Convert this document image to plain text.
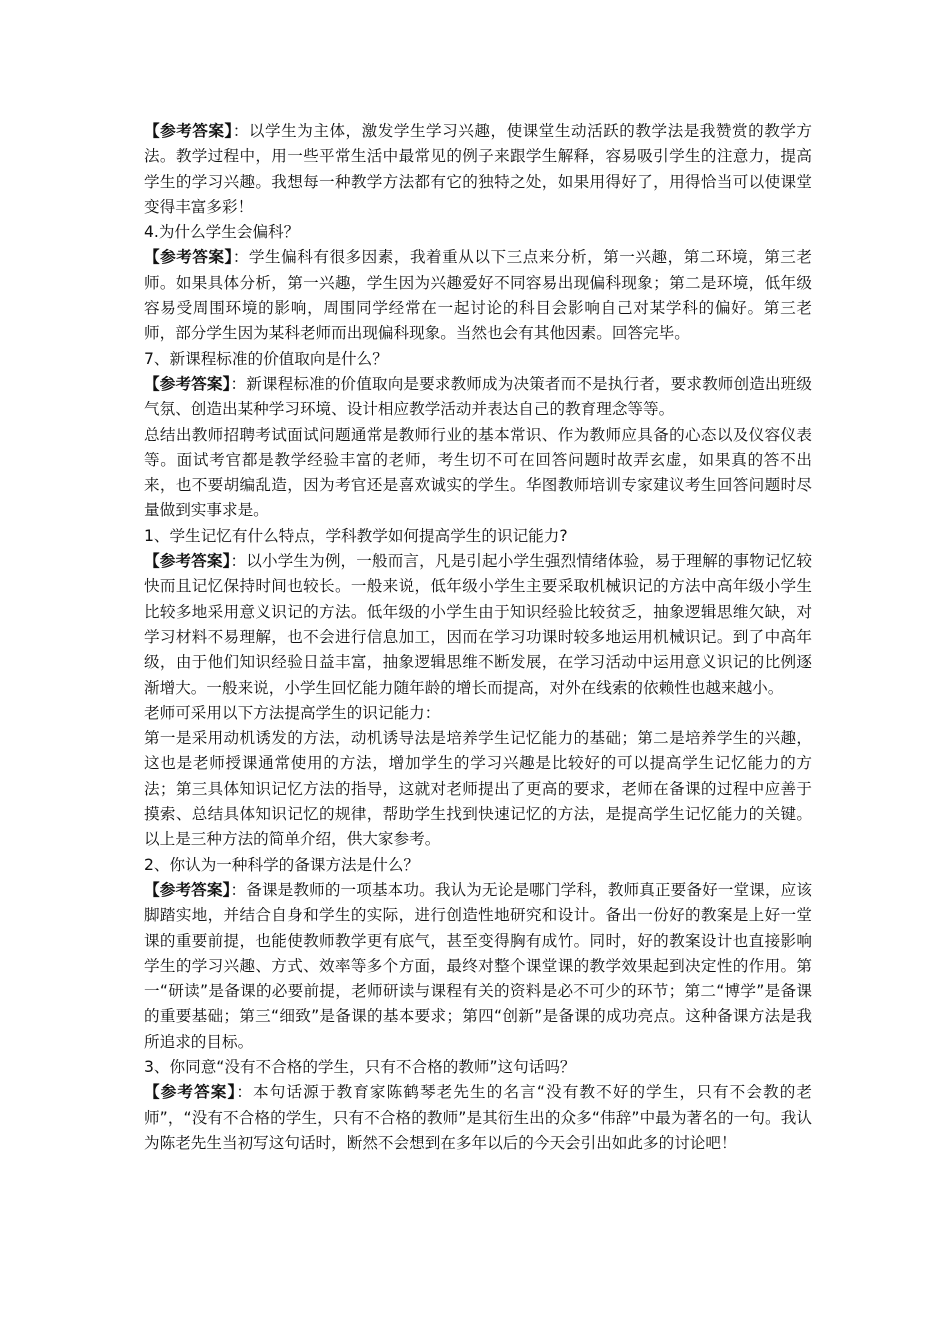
【参考答案】：以学生为主体，激发学生学习兴趣，使课堂生动活跃的教学法是我赞赏的教学方法。教学过程中，用一些平常生活中最常见的例子来跟学生解释，容易吸引学生的注意力，提高学生的学习兴趣。我想每一种教学方法都有它的独特之处，如果用得好了，用得恰当可以使课堂变得丰富多彩！

4.为什么学生会偏科？

【参考答案】：学生偏科有很多因素，我着重从以下三点来分析，第一兴趣，第二环境，第三老师。如果具体分析，第一兴趣，学生因为兴趣爱好不同容易出现偏科现象；第二是环境，低年级容易受周围环境的影响，周围同学经常在一起讨论的科目会影响自己对某学科的偏好。第三老师，部分学生因为某科老师而出现偏科现象。当然也会有其他因素。回答完毕。

7、新课程标准的价值取向是什么？

【参考答案】：新课程标准的价值取向是要求教师成为决策者而不是执行者，要求教师创造出班级气氛、创造出某种学习环境、设计相应教学活动并表达自己的教育理念等等。

总结出教师招聘考试面试问题通常是教师行业的基本常识、作为教师应具备的心态以及仪容仪表等。面试考官都是教学经验丰富的老师，考生切不可在回答问题时故弄玄虚，如果真的答不出来，也不要胡编乱造，因为考官还是喜欢诚实的学生。华图教师培训专家建议考生回答问题时尽量做到实事求是。

1、学生记忆有什么特点，学科教学如何提高学生的识记能力?

【参考答案】：以小学生为例，一般而言，凡是引起小学生强烈情绪体验，易于理解的事物记忆较快而且记忆保持时间也较长。一般来说，低年级小学生主要采取机械识记的方法中高年级小学生比较多地采用意义识记的方法。低年级的小学生由于知识经验比较贫乏，抽象逻辑思维欠缺，对学习材料不易理解，也不会进行信息加工，因而在学习功课时较多地运用机械识记。到了中高年级，由于他们知识经验日益丰富，抽象逻辑思维不断发展，在学习活动中运用意义识记的比例逐渐增大。一般来说，小学生回忆能力随年龄的增长而提高，对外在线索的依赖性也越来越小。

老师可采用以下方法提高学生的识记能力：

第一是采用动机诱发的方法，动机诱导法是培养学生记忆能力的基础；第二是培养学生的兴趣，这也是老师授课通常使用的方法，增加学生的学习兴趣是比较好的可以提高学生记忆能力的方法；第三具体知识记忆方法的指导，这就对老师提出了更高的要求，老师在备课的过程中应善于摸索、总结具体知识记忆的规律，帮助学生找到快速记忆的方法，是提高学生记忆能力的关键。以上是三种方法的简单介绍，供大家参考。

2、你认为一种科学的备课方法是什么？

【参考答案】：备课是教师的一项基本功。我认为无论是哪门学科，教师真正要备好一堂课，应该脚踏实地，并结合自身和学生的实际，进行创造性地研究和设计。备出一份好的教案是上好一堂课的重要前提，也能使教师教学更有底气，甚至变得胸有成竹。同时，好的教案设计也直接影响学生的学习兴趣、方式、效率等多个方面，最终对整个课堂课的教学效果起到决定性的作用。第一“研读”是备课的必要前提，老师研读与课程有关的资料是必不可少的环节；第二“博学”是备课的重要基础；第三“细致”是备课的基本要求；第四“创新”是备课的成功亮点。这种备课方法是我所追求的目标。

3、你同意“没有不合格的学生，只有不合格的教师”这句话吗？

【参考答案】：本句话源于教育家陈鹤琴老先生的名言“没有教不好的学生，只有不会教的老师”，“没有不合格的学生，只有不合格的教师”是其衍生出的众多“伟辞”中最为著名的一句。我认为陈老先生当初写这句话时，断然不会想到在多年以后的今天会引出如此多的讨论吧！
